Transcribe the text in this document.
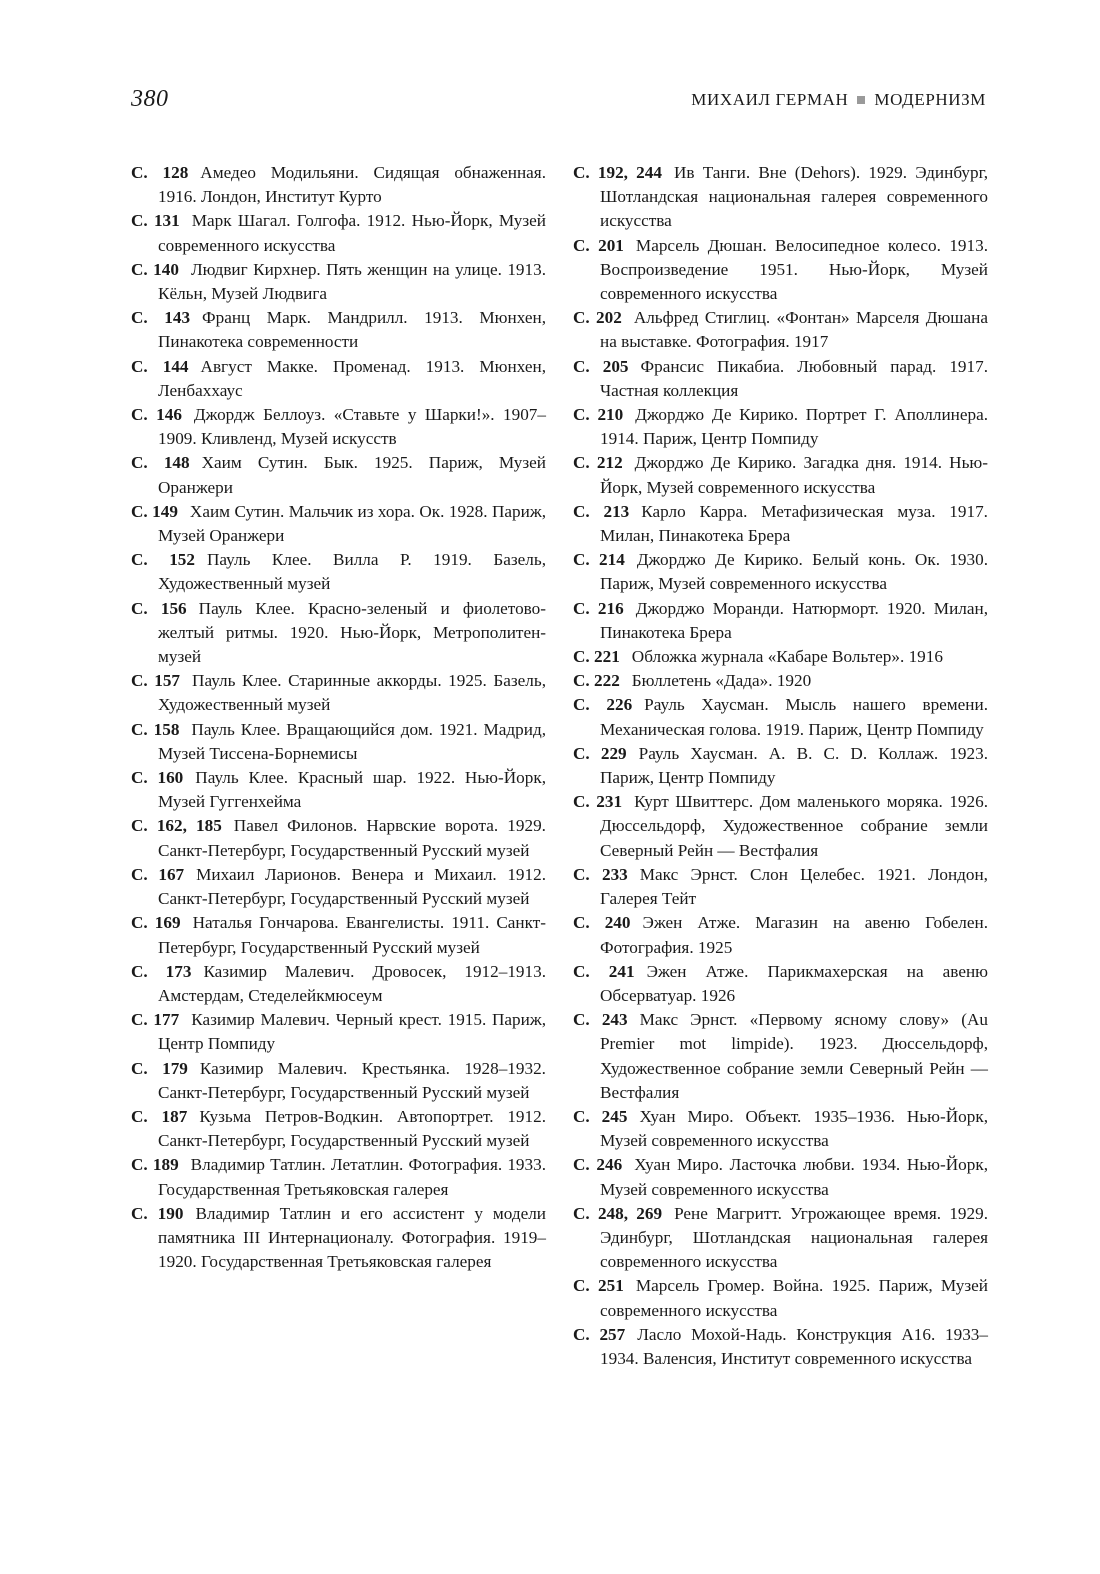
380	МИХАИЛ ГЕРМАН МОДЕРНИЗМ

С. 128 Амедео Модильяни. Сидящая обнаженная. 1916. Лондон, Институт Курто

С. 131 Марк Шагал. Голгофа. 1912. Нью-Йорк, Музей современного искусства

С. 140 Людвиг Кирхнер. Пять женщин на улице. 1913. Кёльн, Музей Людвига

С. 143 Франц Марк. Мандрилл. 1913. Мюнхен, Пинакотека современности

С. 144 Август Макке. Променад. 1913. Мюнхен, Ленбаххаус

С. 146 Джордж Беллоуз. «Ставьте у Шарки!». 1907–1909. Кливленд, Музей искусств

С. 148 Хаим Сутин. Бык. 1925. Париж, Музей Оранжери

С. 149 Хаим Сутин. Мальчик из хора. Ок. 1928. Париж, Музей Оранжери

С. 152 Пауль Клее. Вилла Р. 1919. Базель, Художественный музей

С. 156 Пауль Клее. Красно-зеленый и фиолетово-желтый ритмы. 1920. Нью-Йорк, Метрополитен-музей

С. 157 Пауль Клее. Старинные аккорды. 1925. Базель, Художественный музей

С. 158 Пауль Клее. Вращающийся дом. 1921. Мадрид, Музей Тиссена-Борнемисы

С. 160 Пауль Клее. Красный шар. 1922. Нью-Йорк, Музей Гуггенхейма

С. 162, 185 Павел Филонов. Нарвские ворота. 1929. Санкт-Петербург, Государственный Русский музей

С. 167 Михаил Ларионов. Венера и Михаил. 1912. Санкт-Петербург, Государственный Русский музей

С. 169 Наталья Гончарова. Евангелисты. 1911. Санкт-Петербург, Государственный Русский музей

С. 173 Казимир Малевич. Дровосек, 1912–1913. Амстердам, Стеделейкмюсеум

С. 177 Казимир Малевич. Черный крест. 1915. Париж, Центр Помпиду

С. 179 Казимир Малевич. Крестьянка. 1928–1932. Санкт-Петербург, Государственный Русский музей

С. 187 Кузьма Петров-Водкин. Автопортрет. 1912. Санкт-Петербург, Государственный Русский музей

С. 189 Владимир Татлин. Летатлин. Фотография. 1933. Государственная Третьяковская галерея

С. 190 Владимир Татлин и его ассистент у модели памятника III Интернационалу. Фотография. 1919–1920. Государственная Третьяковская галерея

С. 192, 244 Ив Танги. Вне (Dehors). 1929. Эдинбург, Шотландская национальная галерея современного искусства

С. 201 Марсель Дюшан. Велосипедное колесо. 1913. Воспроизведение 1951. Нью-Йорк, Музей современного искусства

С. 202 Альфред Стиглиц. «Фонтан» Марселя Дюшана на выставке. Фотография. 1917

С. 205 Франсис Пикабиа. Любовный парад. 1917. Частная коллекция

С. 210 Джорджо Де Кирико. Портрет Г. Аполлинера. 1914. Париж, Центр Помпиду

С. 212 Джорджо Де Кирико. Загадка дня. 1914. Нью-Йорк, Музей современного искусства

С. 213 Карло Карра. Метафизическая муза. 1917. Милан, Пинакотека Брера

С. 214 Джорджо Де Кирико. Белый конь. Ок. 1930. Париж, Музей современного искусства

С. 216 Джорджо Моранди. Натюрморт. 1920. Милан, Пинакотека Брера

С. 221 Обложка журнала «Кабаре Вольтер». 1916

С. 222 Бюллетень «Дада». 1920

С. 226 Рауль Хаусман. Мысль нашего времени. Механическая голова. 1919. Париж, Центр Помпиду

С. 229 Рауль Хаусман. A. B. C. D. Коллаж. 1923. Париж, Центр Помпиду

С. 231 Курт Швиттерс. Дом маленького моряка. 1926. Дюссельдорф, Художественное собрание земли Северный Рейн — Вестфалия

С. 233 Макс Эрнст. Слон Целебес. 1921. Лондон, Галерея Тейт

С. 240 Эжен Атже. Магазин на авеню Гобелен. Фотография. 1925

С. 241 Эжен Атже. Парикмахерская на авеню Обсерватуар. 1926

С. 243 Макс Эрнст. «Первому ясному слову» (Au Premier mot limpide). 1923. Дюссельдорф, Художественное собрание земли Северный Рейн — Вестфалия

С. 245 Хуан Миро. Объект. 1935–1936. Нью-Йорк, Музей современного искусства

С. 246 Хуан Миро. Ласточка любви. 1934. Нью-Йорк, Музей современного искусства

С. 248, 269 Рене Магритт. Угрожающее время. 1929. Эдинбург, Шотландская национальная галерея современного искусства

С. 251 Марсель Громер. Война. 1925. Париж, Музей современного искусства

С. 257 Ласло Мохой-Надь. Конструкция A16. 1933–1934. Валенсия, Институт современного искусства
